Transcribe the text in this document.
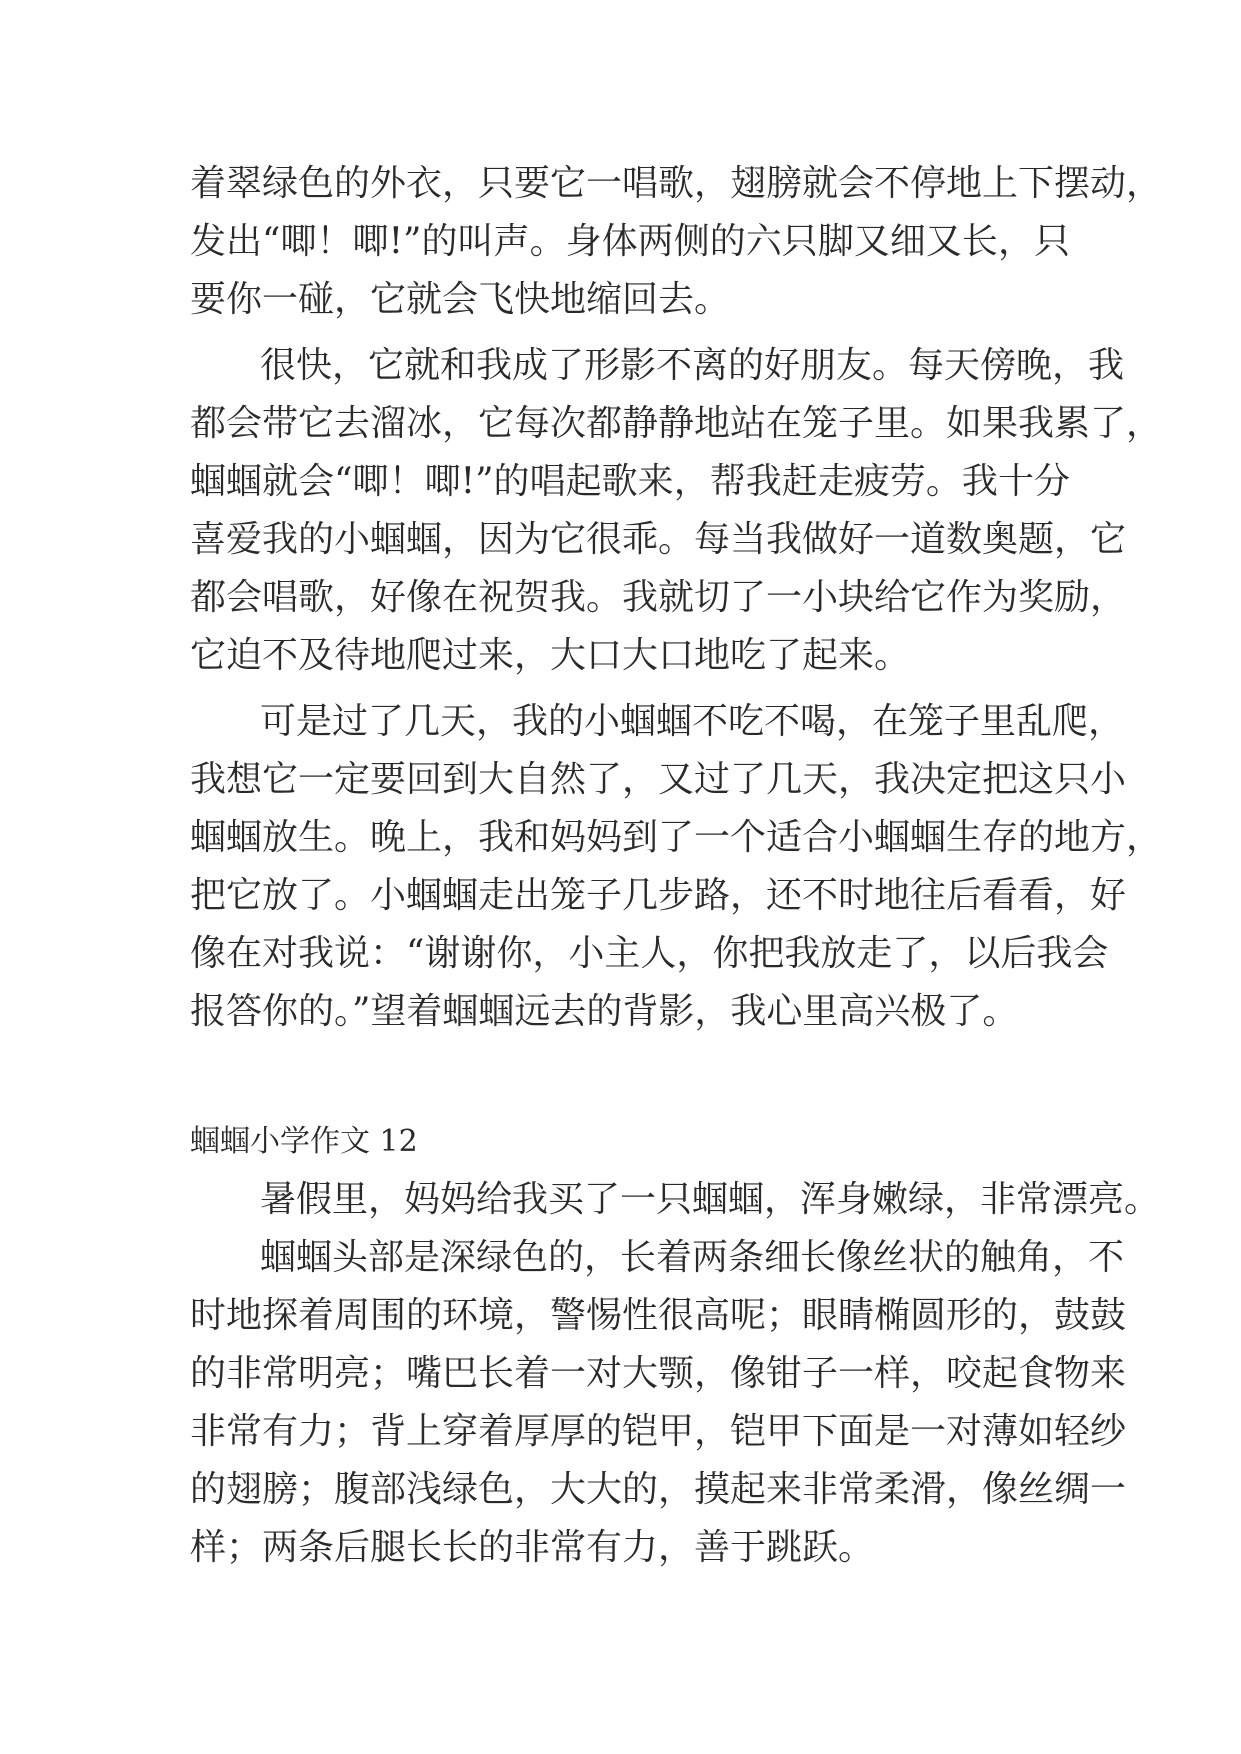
着翠绿色的外衣，只要它一唱歌，翅膀就会不停地上下摆动，
发出“唧！唧!”的叫声。身体两侧的六只脚又细又长，只
要你一碰，它就会飞快地缩回去。
很快，它就和我成了形影不离的好朋友。每天傍晚，我
都会带它去溜冰，它每次都静静地站在笼子里。如果我累了，
蝈蝈就会“唧！唧!”的唱起歌来，帮我赶走疲劳。我十分
喜爱我的小蝈蝈，因为它很乖。每当我做好一道数奥题，它
都会唱歌，好像在祝贺我。我就切了一小块给它作为奖励，
它迫不及待地爬过来，大口大口地吃了起来。
可是过了几天，我的小蝈蝈不吃不喝，在笼子里乱爬，
我想它一定要回到大自然了，又过了几天，我决定把这只小
蝈蝈放生。晚上，我和妈妈到了一个适合小蝈蝈生存的地方，
把它放了。小蝈蝈走出笼子几步路，还不时地往后看看，好
像在对我说：“谢谢你，小主人，你把我放走了，以后我会
报答你的。”望着蝈蝈远去的背影，我心里高兴极了。
蝈蝈小学作文 12
暑假里，妈妈给我买了一只蝈蝈，浑身嫩绿，非常漂亮。
蝈蝈头部是深绿色的，长着两条细长像丝状的触角，不
时地探着周围的环境，警惕性很高呢；眼睛椭圆形的，鼓鼓
的非常明亮；嘴巴长着一对大颚，像钳子一样，咬起食物来
非常有力；背上穿着厚厚的铠甲，铠甲下面是一对薄如轻纱
的翅膀；腹部浅绿色，大大的，摸起来非常柔滑，像丝绸一
样；两条后腿长长的非常有力，善于跳跃。
